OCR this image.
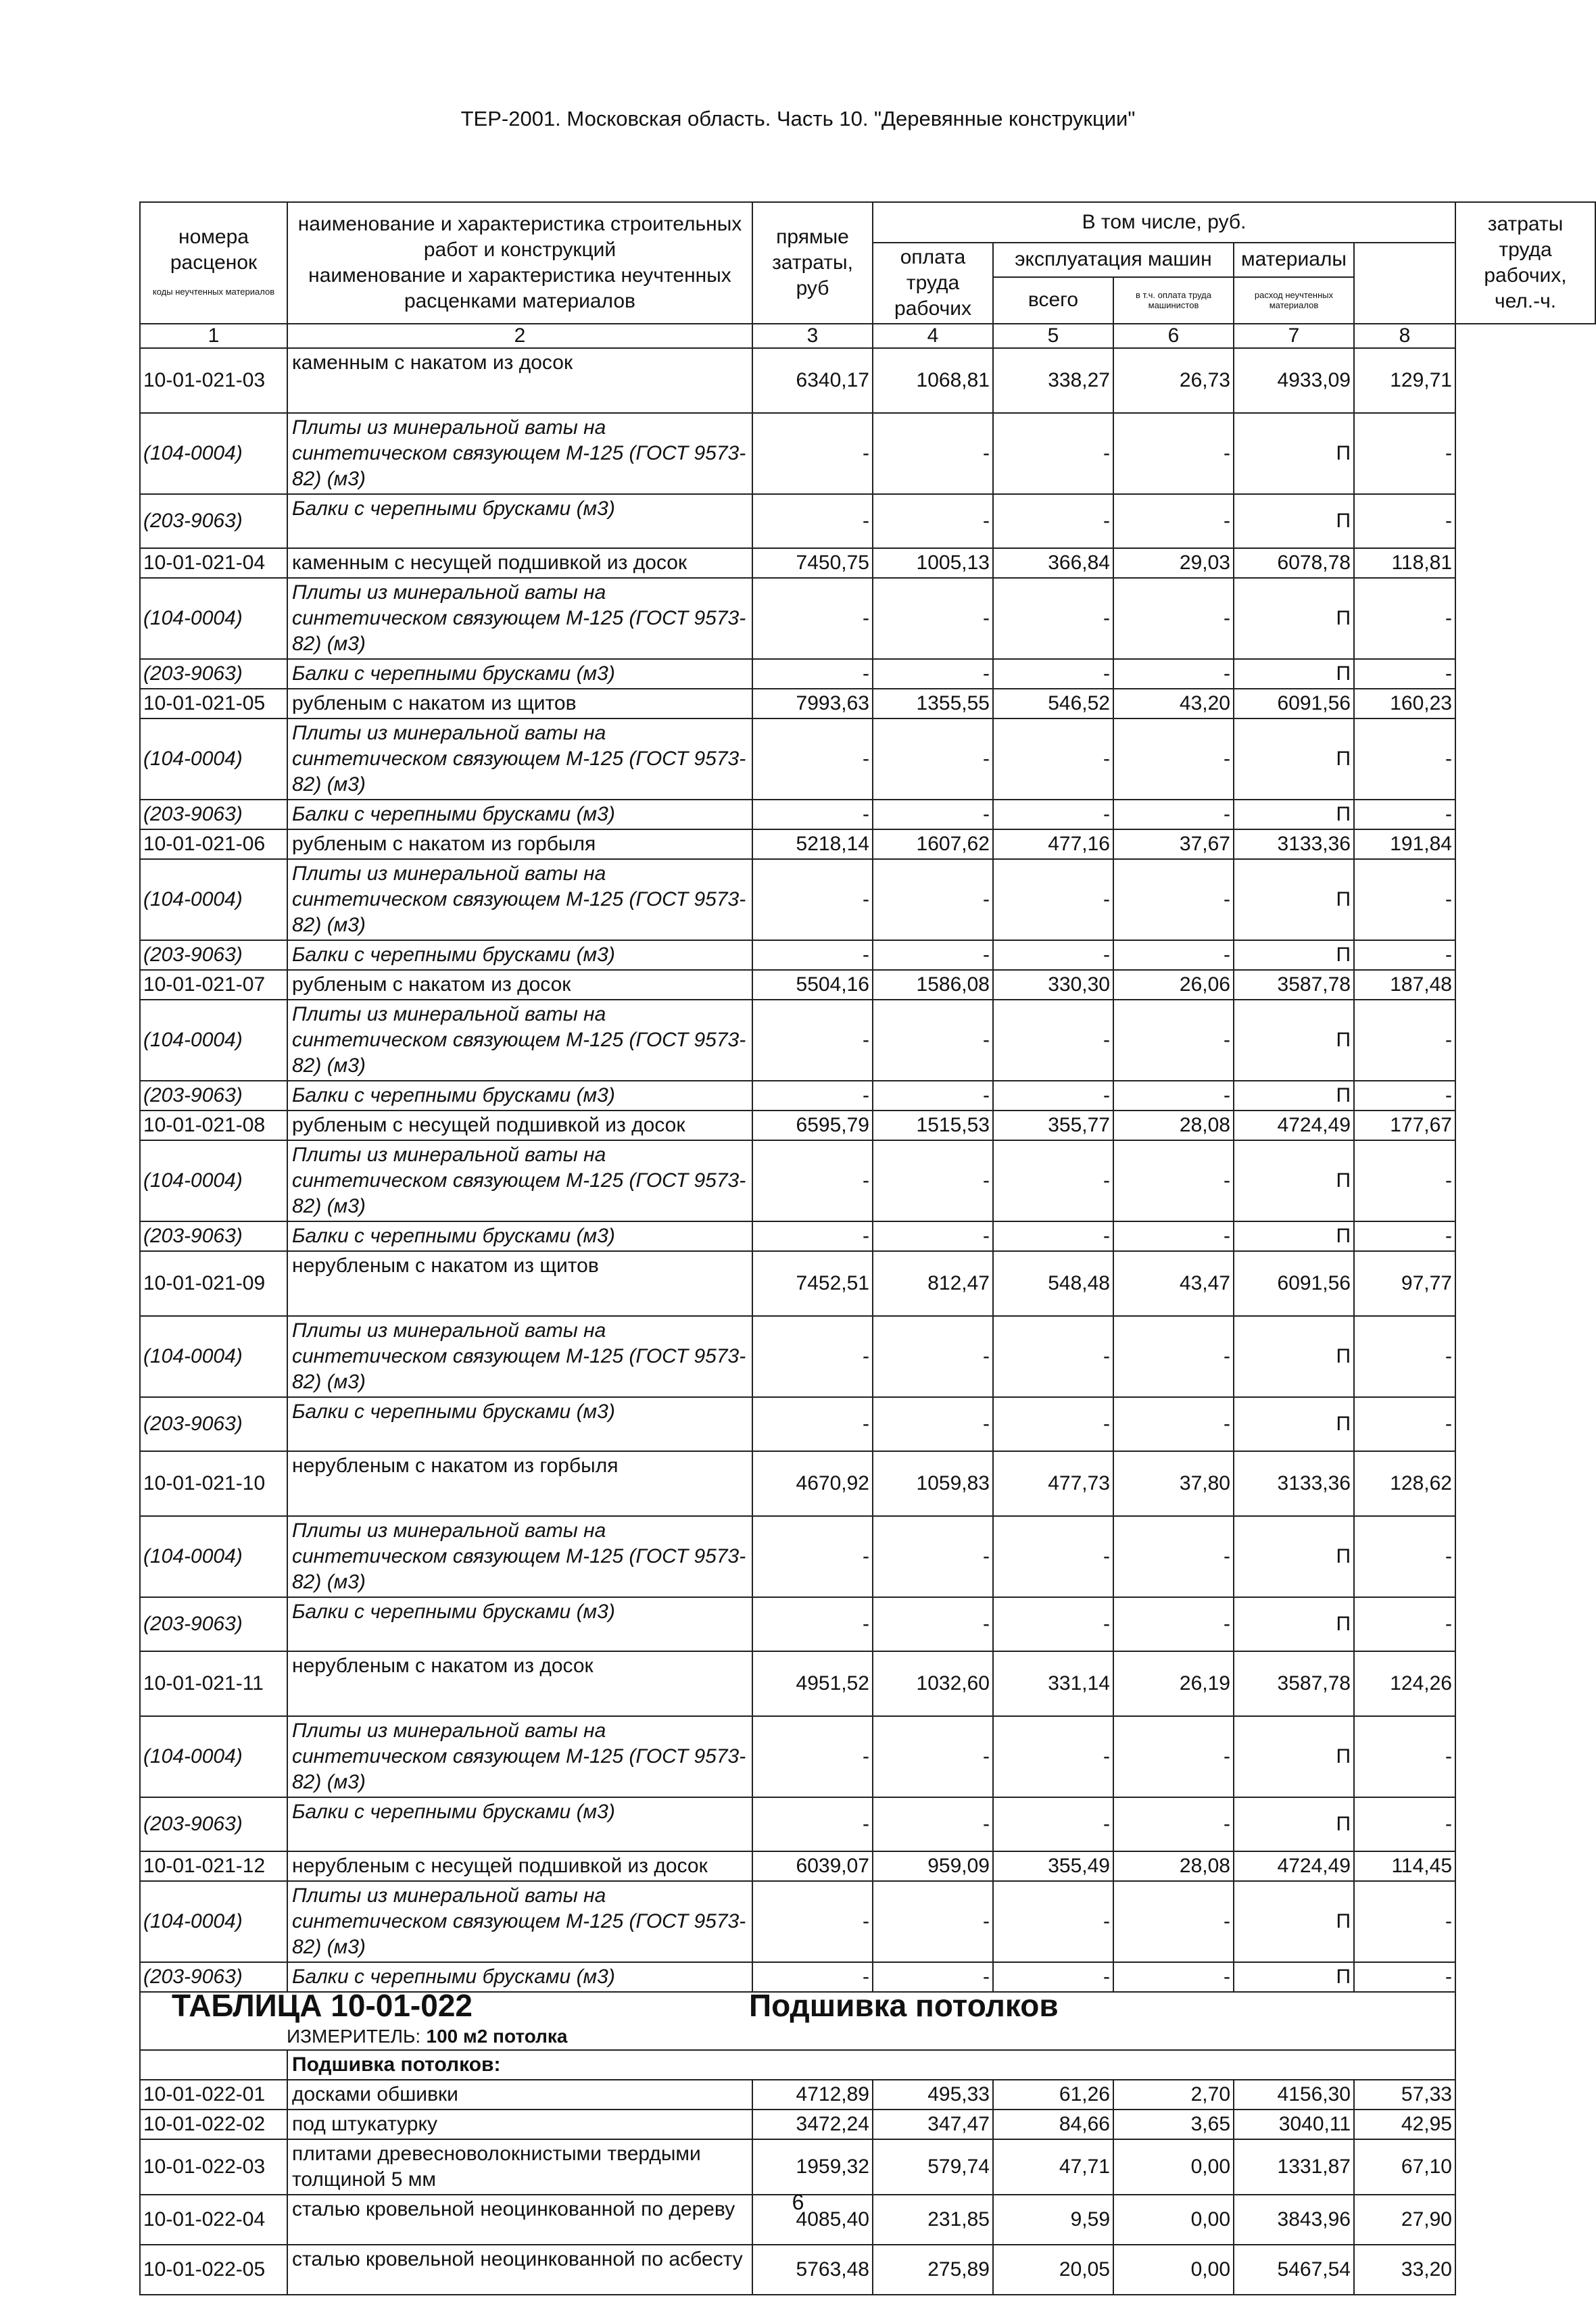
ТЕР-2001. Московская область. Часть 10. "Деревянные конструкции"
номера расценок
коды неучтенных материалов	наименование и характеристика строительных работ и конструкций
наименование и характеристика неучтенных расценками материалов	прямые затраты, руб	В том числе, руб.					затраты труда рабочих, чел.-ч.
			оплата труда рабочих	эксплуатация машин		материалы		
				всего	в т.ч. оплата труда машинистов	расход неучтенных материалов		
1	2	3	4	5	6	7	8	
10-01-021-03	каменным с накатом из досок	6340,17	1068,81	338,27	26,73	4933,09	129,71	
(104-0004)	Плиты из минеральной ваты на синтетическом связующем М-125 (ГОСТ 9573-82) (м3)	-	-	-	-	П	-	
(203-9063)	Балки с черепными брусками (м3)	-	-	-	-	П	-	
10-01-021-04	каменным с несущей подшивкой из досок	7450,75	1005,13	366,84	29,03	6078,78	118,81	
(104-0004)	Плиты из минеральной ваты на синтетическом связующем М-125 (ГОСТ 9573-82) (м3)	-	-	-	-	П	-	
(203-9063)	Балки с черепными брусками (м3)	-	-	-	-	П	-	
10-01-021-05	рубленым с накатом из щитов	7993,63	1355,55	546,52	43,20	6091,56	160,23	
(104-0004)	Плиты из минеральной ваты на синтетическом связующем М-125 (ГОСТ 9573-82) (м3)	-	-	-	-	П	-	
(203-9063)	Балки с черепными брусками (м3)	-	-	-	-	П	-	
10-01-021-06	рубленым с накатом из горбыля	5218,14	1607,62	477,16	37,67	3133,36	191,84	
(104-0004)	Плиты из минеральной ваты на синтетическом связующем М-125 (ГОСТ 9573-82) (м3)	-	-	-	-	П	-	
(203-9063)	Балки с черепными брусками (м3)	-	-	-	-	П	-	
10-01-021-07	рубленым с накатом из досок	5504,16	1586,08	330,30	26,06	3587,78	187,48	
(104-0004)	Плиты из минеральной ваты на синтетическом связующем М-125 (ГОСТ 9573-82) (м3)	-	-	-	-	П	-	
(203-9063)	Балки с черепными брусками (м3)	-	-	-	-	П	-	
10-01-021-08	рубленым с несущей подшивкой из досок	6595,79	1515,53	355,77	28,08	4724,49	177,67	
(104-0004)	Плиты из минеральной ваты на синтетическом связующем М-125 (ГОСТ 9573-82) (м3)	-	-	-	-	П	-	
(203-9063)	Балки с черепными брусками (м3)	-	-	-	-	П	-	
10-01-021-09	нерубленым с накатом из щитов	7452,51	812,47	548,48	43,47	6091,56	97,77	
(104-0004)	Плиты из минеральной ваты на синтетическом связующем М-125 (ГОСТ 9573-82) (м3)	-	-	-	-	П	-	
(203-9063)	Балки с черепными брусками (м3)	-	-	-	-	П	-	
10-01-021-10	нерубленым с накатом из горбыля	4670,92	1059,83	477,73	37,80	3133,36	128,62	
(104-0004)	Плиты из минеральной ваты на синтетическом связующем М-125 (ГОСТ 9573-82) (м3)	-	-	-	-	П	-	
(203-9063)	Балки с черепными брусками (м3)	-	-	-	-	П	-	
10-01-021-11	нерубленым с накатом из досок	4951,52	1032,60	331,14	26,19	3587,78	124,26	
(104-0004)	Плиты из минеральной ваты на синтетическом связующем М-125 (ГОСТ 9573-82) (м3)	-	-	-	-	П	-	
(203-9063)	Балки с черепными брусками (м3)	-	-	-	-	П	-	
10-01-021-12	нерубленым с несущей подшивкой из досок	6039,07	959,09	355,49	28,08	4724,49	114,45	
(104-0004)	Плиты из минеральной ваты на синтетическом связующем М-125 (ГОСТ 9573-82) (м3)	-	-	-	-	П	-	
(203-9063)	Балки с черепными брусками (м3)	-	-	-	-	П	-	

ТАБЛИЦА 10-01-022 Подшивка потолков
ИЗМЕРИТЕЛЬ: 100 м2 потолка								

	Подшивка потолков:							
10-01-022-01	досками обшивки	4712,89	495,33	61,26	2,70	4156,30	57,33	
10-01-022-02	под штукатурку	3472,24	347,47	84,66	3,65	3040,11	42,95	
10-01-022-03	плитами древесноволокнистыми твердыми толщиной 5 мм	1959,32	579,74	47,71	0,00	1331,87	67,10	
10-01-022-04	сталью кровельной неоцинкованной по дереву	4085,40	231,85	9,59	0,00	3843,96	27,90	
10-01-022-05	сталью кровельной неоцинкованной по асбесту	5763,48	275,89	20,05	0,00	5467,54	33,20	
6
